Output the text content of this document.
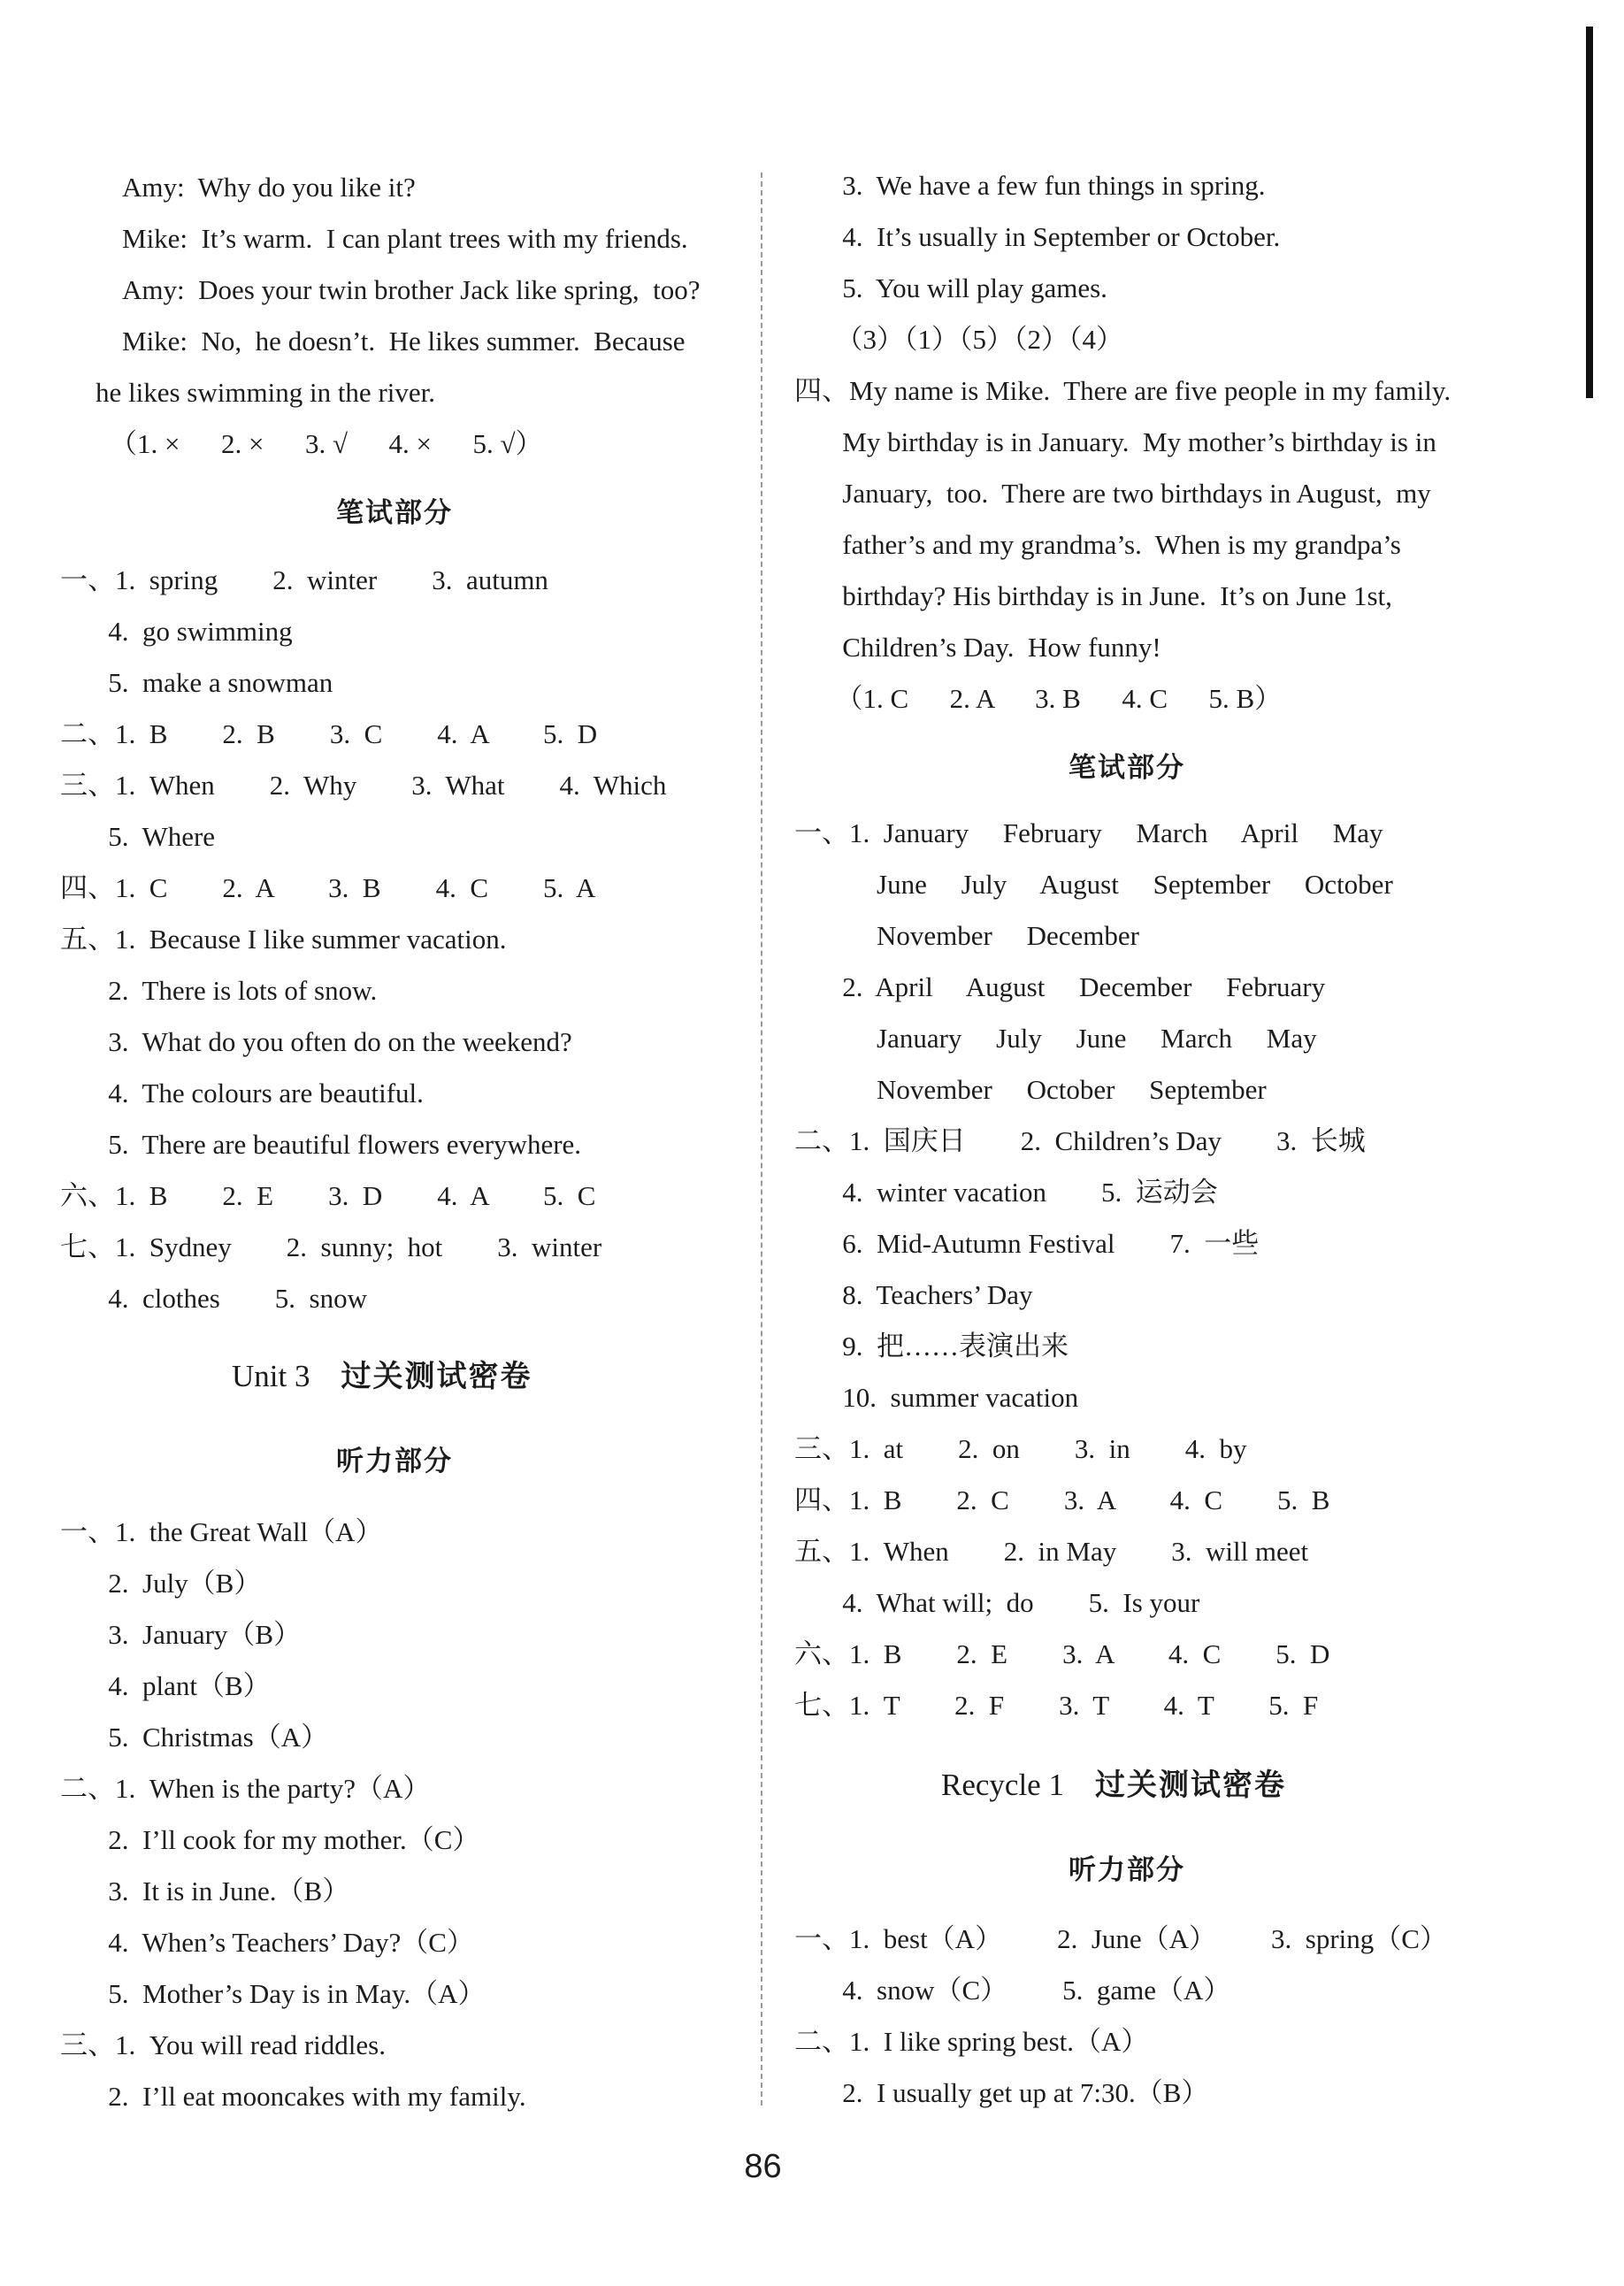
Amy:  Why do you like it?
Mike:  It’s warm.  I can plant trees with my friends.
Amy:  Does your twin brother Jack like spring,  too?
Mike:  No,  he doesn’t.  He likes summer.  Because
he likes swimming in the river.
（1. ×      2. ×      3. √      4. ×      5. √）
笔试部分
一、1.  spring        2.  winter        3.  autumn
4.  go swimming
5.  make a snowman
二、1.  B        2.  B        3.  C        4.  A        5.  D
三、1.  When        2.  Why        3.  What        4.  Which
5.  Where
四、1.  C        2.  A        3.  B        4.  C        5.  A
五、1.  Because I like summer vacation.
2.  There is lots of snow.
3.  What do you often do on the weekend?
4.  The colours are beautiful.
5.  There are beautiful flowers everywhere.
六、1.  B        2.  E        3.  D        4.  A        5.  C
七、1.  Sydney        2.  sunny;  hot        3.  winter
4.  clothes        5.  snow
Unit 3 过关测试密卷
听力部分
一、1.  the Great Wall（A）
2.  July（B）
3.  January（B）
4.  plant（B）
5.  Christmas（A）
二、1.  When is the party?（A）
2.  I’ll cook for my mother.（C）
3.  It is in June.（B）
4.  When’s Teachers’ Day?（C）
5.  Mother’s Day is in May.（A）
三、1.  You will read riddles.
2.  I’ll eat mooncakes with my family.
3.  We have a few fun things in spring.
4.  It’s usually in September or October.
5.  You will play games.
（3）（1）（5）（2）（4）
四、My name is Mike.  There are five people in my family.
My birthday is in January.  My mother’s birthday is in
January,  too.  There are two birthdays in August,  my
father’s and my grandma’s.  When is my grandpa’s
birthday? His birthday is in June.  It’s on June 1st,
Children’s Day.  How funny!
（1. C      2. A      3. B      4. C      5. B）
笔试部分
一、1.  January     February     March     April     May
June     July     August     September     October
November     December
2.  April     August     December     February
January     July     June     March     May
November     October     September
二、1.  国庆日        2.  Children’s Day        3.  长城
4.  winter vacation        5.  运动会
6.  Mid-Autumn Festival        7.  一些
8.  Teachers’ Day
9.  把……表演出来
10.  summer vacation
三、1.  at        2.  on        3.  in        4.  by
四、1.  B        2.  C        3.  A        4.  C        5.  B
五、1.  When        2.  in May        3.  will meet
4.  What will;  do        5.  Is your
六、1.  B        2.  E        3.  A        4.  C        5.  D
七、1.  T        2.  F        3.  T        4.  T        5.  F
Recycle 1 过关测试密卷
听力部分
一、1.  best（A）        2.  June（A）        3.  spring（C）
4.  snow（C）        5.  game（A）
二、1.  I like spring best.（A）
2.  I usually get up at 7:30.（B）
86
